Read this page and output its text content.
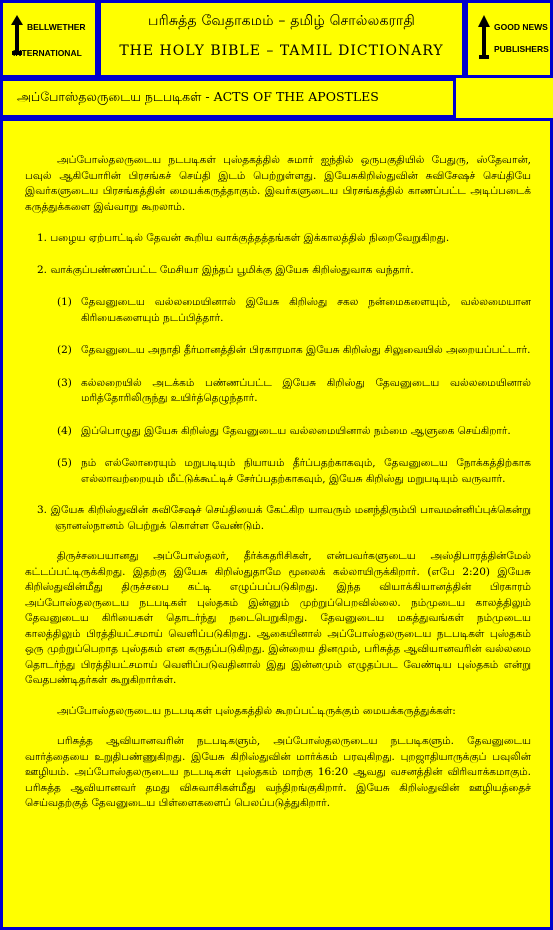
BELLWETHER
INTERNATIONAL
பரிசுத்த வேதாகமம் – தமிழ் சொல்லகராதி
THE HOLY BIBLE – TAMIL DICTIONARY
GOOD NEWS
PUBLISHERS
அப்போஸ்தலருடைய நடபடிகள் - ACTS OF THE APOSTLES

அப்போஸ்தலருடைய நடபடிகள் புஸ்தகத்தில் சுமார் ஐந்தில் ஒருபகுதியில் பேதுரு, ஸ்தேவான், பவுல் ஆகியோரின் பிரசங்கச் செய்தி இடம் பெற்றுள்ளது. இயேசுகிறிஸ்துவின் சுவிசேஷச் செய்தியே இவர்களுடைய பிரசங்கத்தின் மையக்கருத்தாகும். இவர்களுடைய பிரசங்கத்தில் காணப்பட்ட அடிப்படைக் கருத்துக்களை இவ்வாறு கூறலாம்.

1. பழைய ஏற்பாட்டில் தேவன் கூறிய வாக்குத்தத்தங்கள் இக்காலத்தில் நிறைவேறுகிறது.

2. வாக்குப்பண்ணப்பட்ட மேசியா இந்தப் பூமிக்கு இயேசு கிறிஸ்துவாக வந்தார்.

(1) தேவனுடைய வல்லமையினால் இயேசு கிறிஸ்து சகல நன்மைகளையும், வல்லமையான கிரியைகளையும் நடப்பித்தார்.

(2) தேவனுடைய அநாதி தீர்மானத்தின் பிரகாரமாக இயேசு கிறிஸ்து சிலுவையில் அறையப்பட்டார்.

(3) கல்லறையில் அடக்கம் பண்ணப்பட்ட இயேசு கிறிஸ்து தேவனுடைய வல்லமையினால் மரித்தோரிலிருந்து உயிர்த்தெழுந்தார்.

(4) இப்பொழுது இயேசு கிறிஸ்து தேவனுடைய வல்லமையினால் நம்மை ஆளுகை செய்கிறார்.

(5) நம் எல்லோரையும் மறுபடியும் நியாயம் தீர்ப்பதற்காகவும், தேவனுடைய நோக்கத்திற்காக எல்லாவற்றையும் மீட்டுக்கூட்டிச் சேர்ப்பதற்காகவும், இயேசு கிறிஸ்து மறுபடியும் வருவார்.

3. இயேசு கிறிஸ்துவின் சுவிசேஷச் செய்தியைக் கேட்கிற யாவரும் மனந்திரும்பி பாவமன்னிப்புக்கென்று ஞானஸ்நானம் பெற்றுக் கொள்ள வேண்டும்.

திருச்சபையானது அப்போஸ்தலர், தீர்க்கதரிசிகள், என்பவர்களுடைய அஸ்திபாரத்தின்மேல் கட்டப்பட்டிருக்கிறது. இதற்கு இயேசு கிறிஸ்துதாமே மூலைக் கல்லாயிருக்கிறார். (எபே 2:20) இயேசு கிறிஸ்துவின்மீது திருச்சபை கட்டி எழுப்பப்படுகிறது. இந்த வியாக்கியானத்தின் பிரகாரம் அப்போஸ்தலருடைய நடபடிகள் புஸ்தகம் இன்னும் முற்றுப்பெறவில்லை. நம்முடைய காலத்திலும் தேவனுடைய கிரியைகள் தொடர்ந்து நடைபெறுகிறது. தேவனுடைய மகத்துவங்கள் நம்முடைய காலத்திலும் பிரத்தியட்சமாய் வெளிப்படுகிறது. ஆகையினால் அப்போஸ்தலருடைய நடபடிகள் புஸ்தகம் ஒரு முற்றுப்பெறாத புஸ்தகம் என கருதப்படுகிறது. இன்றைய தினமும், பரிசுத்த ஆவியானவரின் வல்லமை தொடர்ந்து பிரத்தியட்சமாய் வெளிப்படுவதினால் இது இன்னமும் எழுதப்பட வேண்டிய புஸ்தகம் என்று வேதபண்டிதர்கள் கூறுகிறார்கள்.

அப்போஸ்தலருடைய நடபடிகள் புஸ்தகத்தில் கூறப்பட்டிருக்கும் மையக்கருத்துக்கள்:

பரிசுத்த ஆவியானவரின் நடபடிகளும், அப்போஸ்தலருடைய நடபடிகளும். தேவனுடைய வார்த்தையை உறுதிபண்ணுகிறது. இயேசு கிறிஸ்துவின் மார்க்கம் பரவுகிறது. புறஜாதியாருக்குப் பவுலின் ஊழியம். அப்போஸ்தலருடைய நடபடிகள் புஸ்தகம் மாற்கு 16:20 ஆவது வசனத்தின் விரிவாக்கமாகும். பரிசுத்த ஆவியானவர் தமது விசுவாசிகள்மீது வந்திறங்குகிறார். இயேசு கிறிஸ்துவின் ஊழியத்தைச் செய்வதற்குத் தேவனுடைய பிள்ளைகளைப் பெலப்படுத்துகிறார்.
